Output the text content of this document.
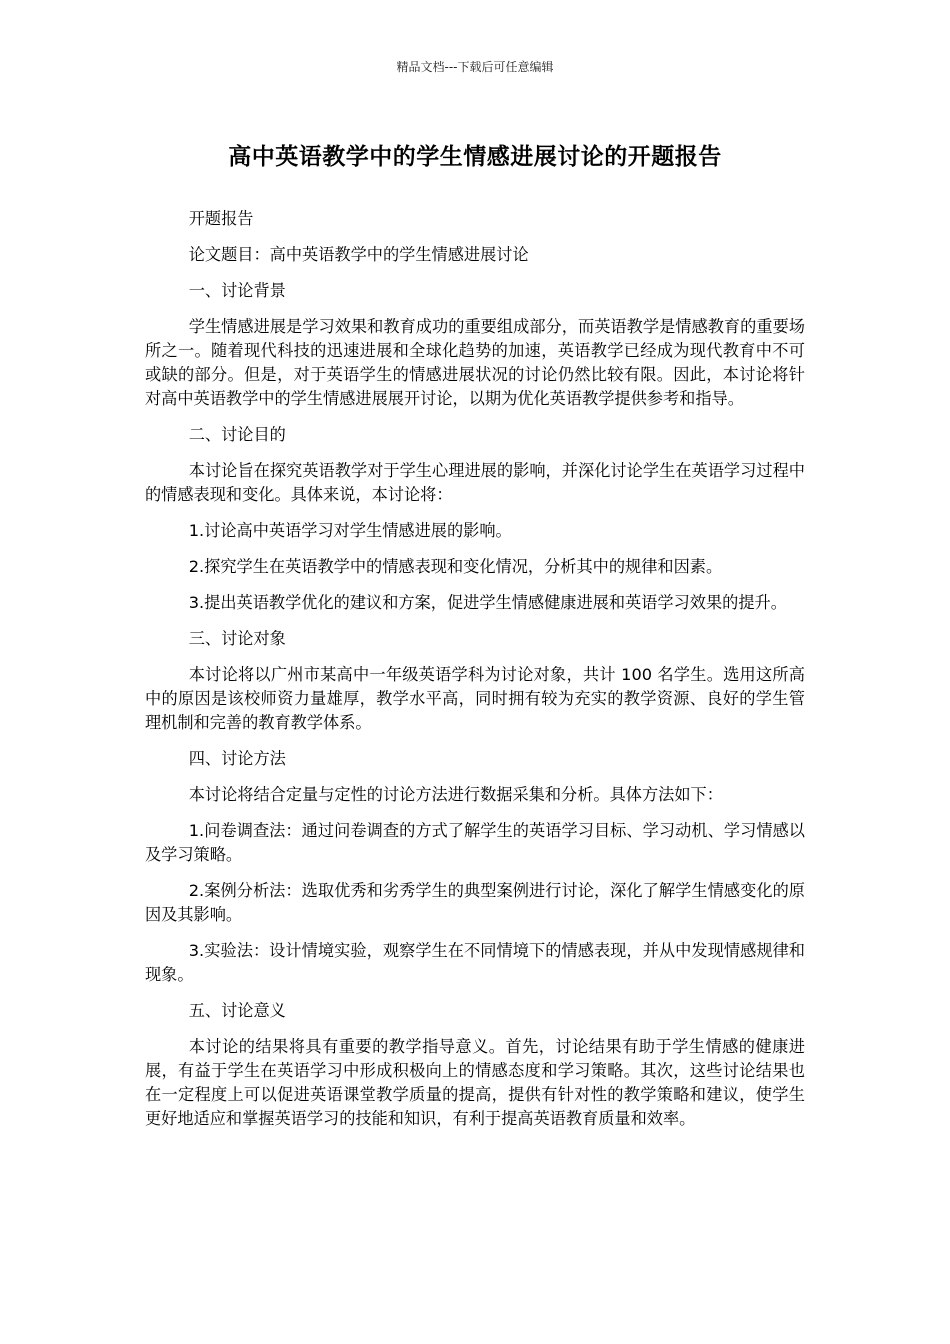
精品文档---下载后可任意编辑
高中英语教学中的学生情感进展讨论的开题报告

开题报告

论文题目：高中英语教学中的学生情感进展讨论

一、讨论背景

学生情感进展是学习效果和教育成功的重要组成部分，而英语教学是情感教育的重要场所之一。随着现代科技的迅速进展和全球化趋势的加速，英语教学已经成为现代教育中不可或缺的部分。但是，对于英语学生的情感进展状况的讨论仍然比较有限。因此，本讨论将针对高中英语教学中的学生情感进展展开讨论，以期为优化英语教学提供参考和指导。

二、讨论目的

本讨论旨在探究英语教学对于学生心理进展的影响，并深化讨论学生在英语学习过程中的情感表现和变化。具体来说，本讨论将：

1.讨论高中英语学习对学生情感进展的影响。

2.探究学生在英语教学中的情感表现和变化情况，分析其中的规律和因素。

3.提出英语教学优化的建议和方案，促进学生情感健康进展和英语学习效果的提升。

三、讨论对象

本讨论将以广州市某高中一年级英语学科为讨论对象，共计 100 名学生。选用这所高中的原因是该校师资力量雄厚，教学水平高，同时拥有较为充实的教学资源、良好的学生管理机制和完善的教育教学体系。

四、讨论方法

本讨论将结合定量与定性的讨论方法进行数据采集和分析。具体方法如下：

1.问卷调查法：通过问卷调查的方式了解学生的英语学习目标、学习动机、学习情感以及学习策略。

2.案例分析法：选取优秀和劣秀学生的典型案例进行讨论，深化了解学生情感变化的原因及其影响。

3.实验法：设计情境实验，观察学生在不同情境下的情感表现，并从中发现情感规律和现象。

五、讨论意义

本讨论的结果将具有重要的教学指导意义。首先，讨论结果有助于学生情感的健康进展，有益于学生在英语学习中形成积极向上的情感态度和学习策略。其次，这些讨论结果也在一定程度上可以促进英语课堂教学质量的提高，提供有针对性的教学策略和建议，使学生更好地适应和掌握英语学习的技能和知识，有利于提高英语教育质量和效率。
